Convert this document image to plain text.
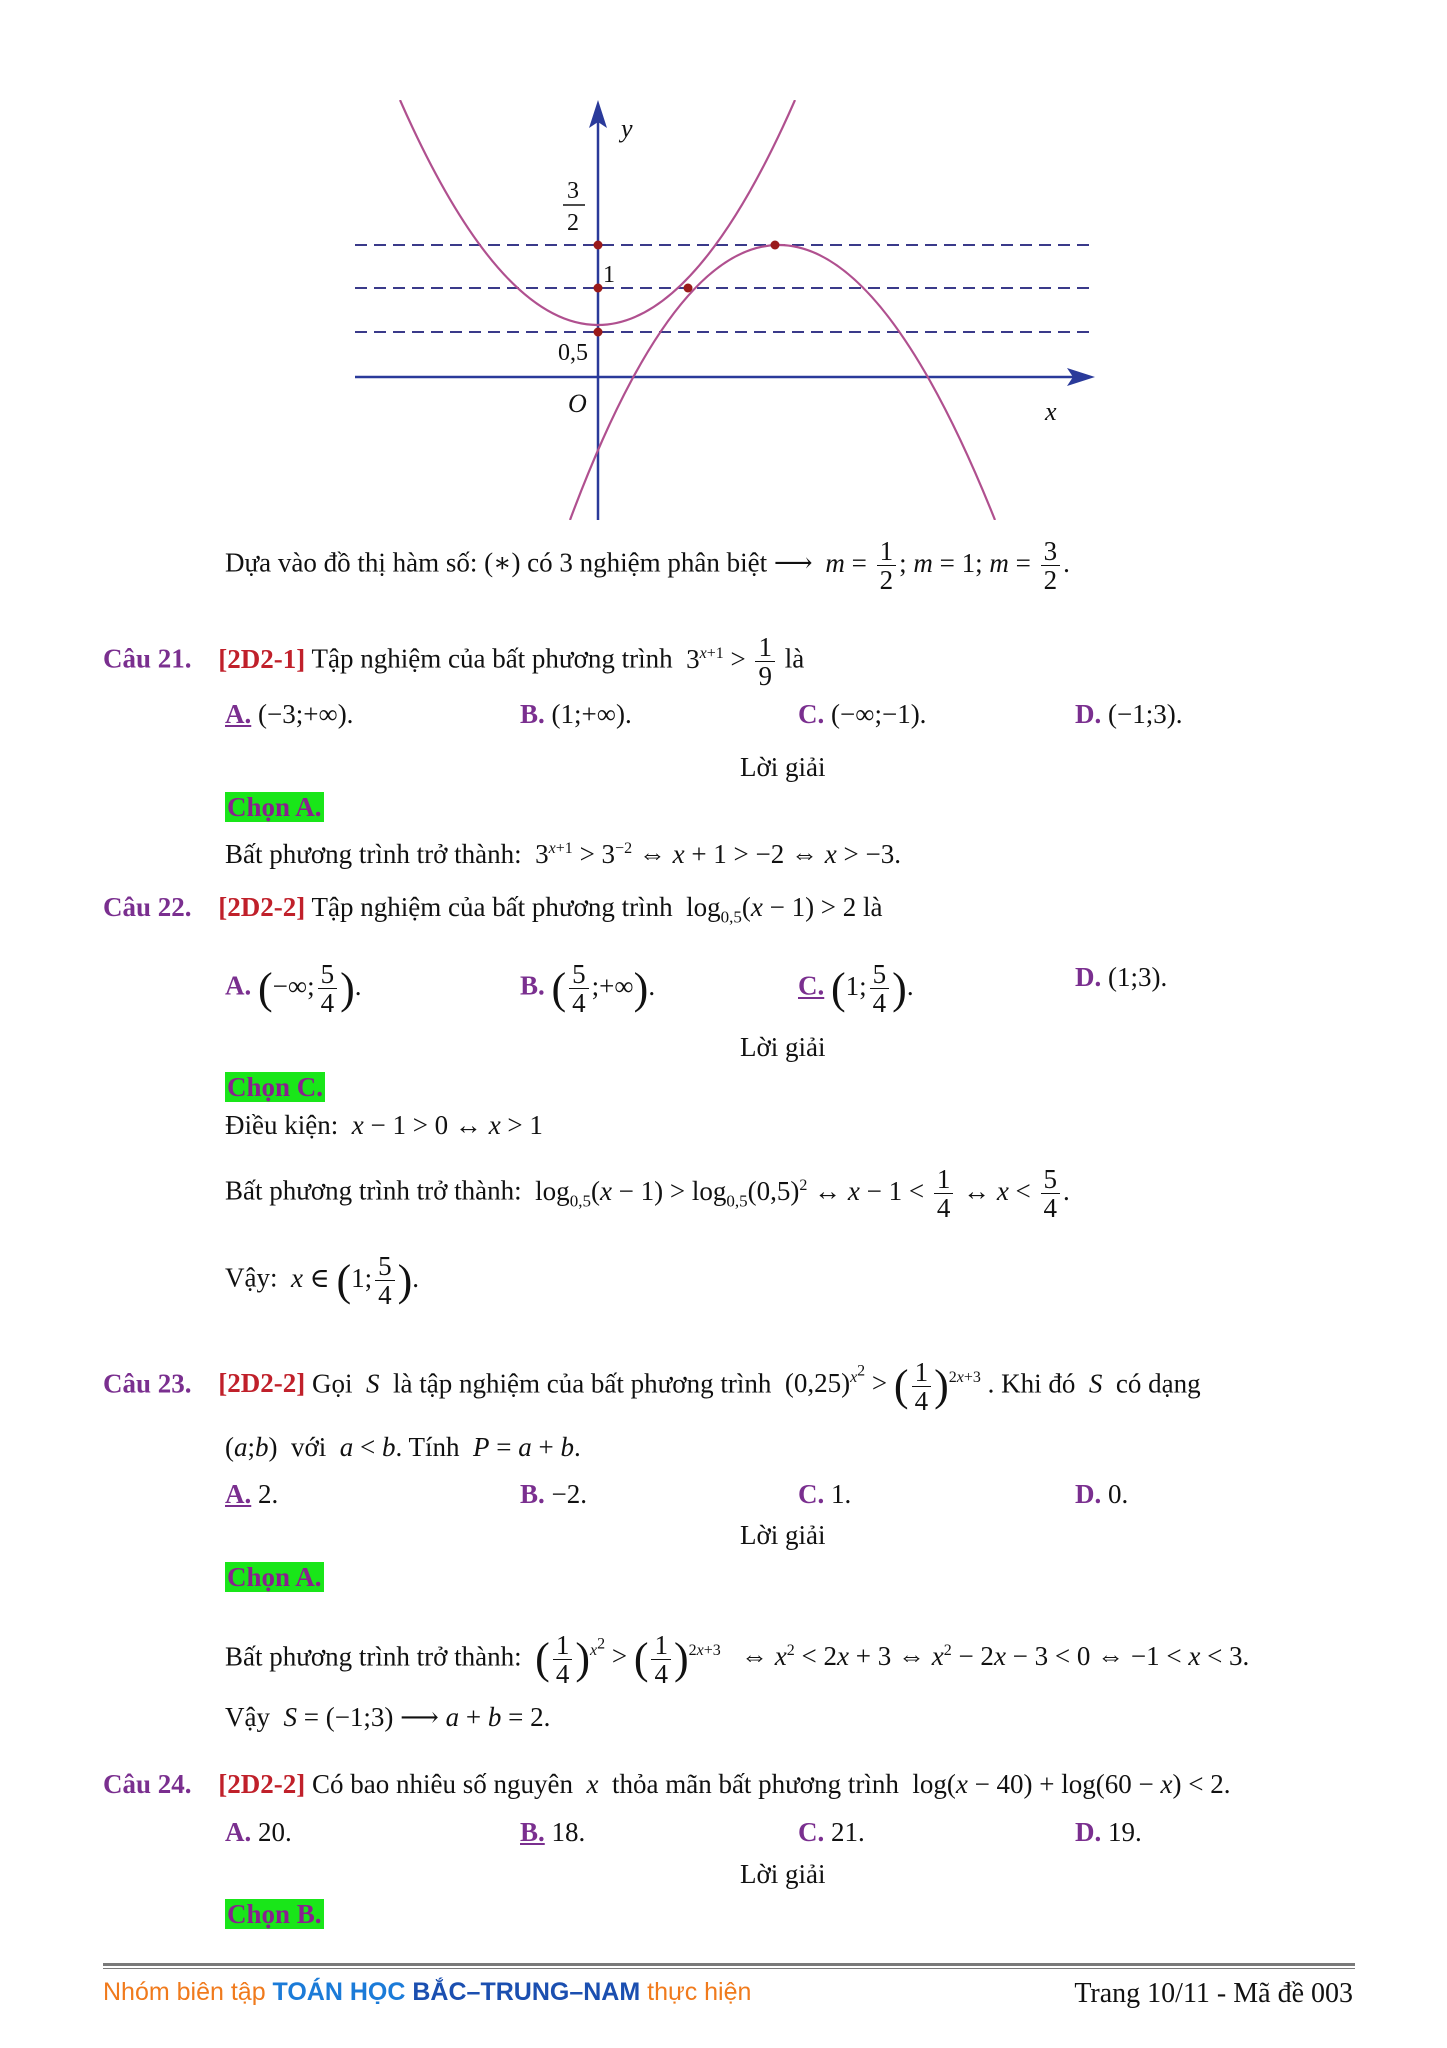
y
x
O
3
2
1
0,5
Dựa vào đồ thị hàm số: (∗) có 3 nghiệm phân biệt ⟶ $m = \frac{1}{2}$ ; m = 1; $m = \frac{3}{2}$ .
Câu 21. [2D2-1] Tập nghiệm của bất phương trình  $3^{x+1} > \frac{1}{9}$ là
A. (−3;+∞).	B. (1;+∞).	C. (−∞;−1).	D. (−1;3).
Lời giải
Chọn A.
Bất phương trình trở thành:  $3^{x+1} > 3^{-2}$ ⇔ x + 1 > −2 ⇔ x > −3.
Câu 22. [2D2-2] Tập nghiệm của bất phương trình  $\log_{0,5}(x - 1) > 2$ là
A. (−∞; $\frac{5}{4}$ ).	B. ( $\frac{5}{4}$ ;+∞).	C. (1; $\frac{5}{4}$ ).	D. (1;3).
Lời giải
Chọn C.
Điều kiện: x − 1 > 0 ↔ x > 1
Bất phương trình trở thành:  $\log_{0,5}(x - 1) > \log_{0,5}(0,5)^2$ ↔ $x - 1 < \frac{1}{4}$ ↔ $x < \frac{5}{4}$ .
Vậy: x ∈ (1; $\frac{5}{4}$ ).
Câu 23. [2D2-2] Gọi  S  là tập nghiệm của bất phương trình  $(0,25)^{x^2}$ > ( $\frac{1}{4} )^{2x+3}$ . Khi đó  S  có dạng
(a;b)  với a < b. Tính P = a + b.
A. 2.	B. −2.	C. 1.	D. 0.
Lời giải
Chọn A.
Bất phương trình trở thành: ( $\frac{1}{4} )^{x^2}$ > ( $\frac{1}{4} )^{2x+3}$   ⇔ $x^2 < 2x + 3$ ⇔ $x^2 - 2x - 3 < 0$ ⇔ −1 < x < 3.
Vậy S = (−1;3) ⟶ a + b = 2.
Câu 24. [2D2-2] Có bao nhiêu số nguyên  x  thỏa mãn bất phương trình  log(x − 40) + log(60 − x) < 2.
A. 20.	B. 18.	C. 21.	D. 19.
Lời giải
Chọn B.
Nhóm biên tập TOÁN HỌC BẮC–TRUNG–NAM thực hiện	Trang 10/11 - Mã đề 003
